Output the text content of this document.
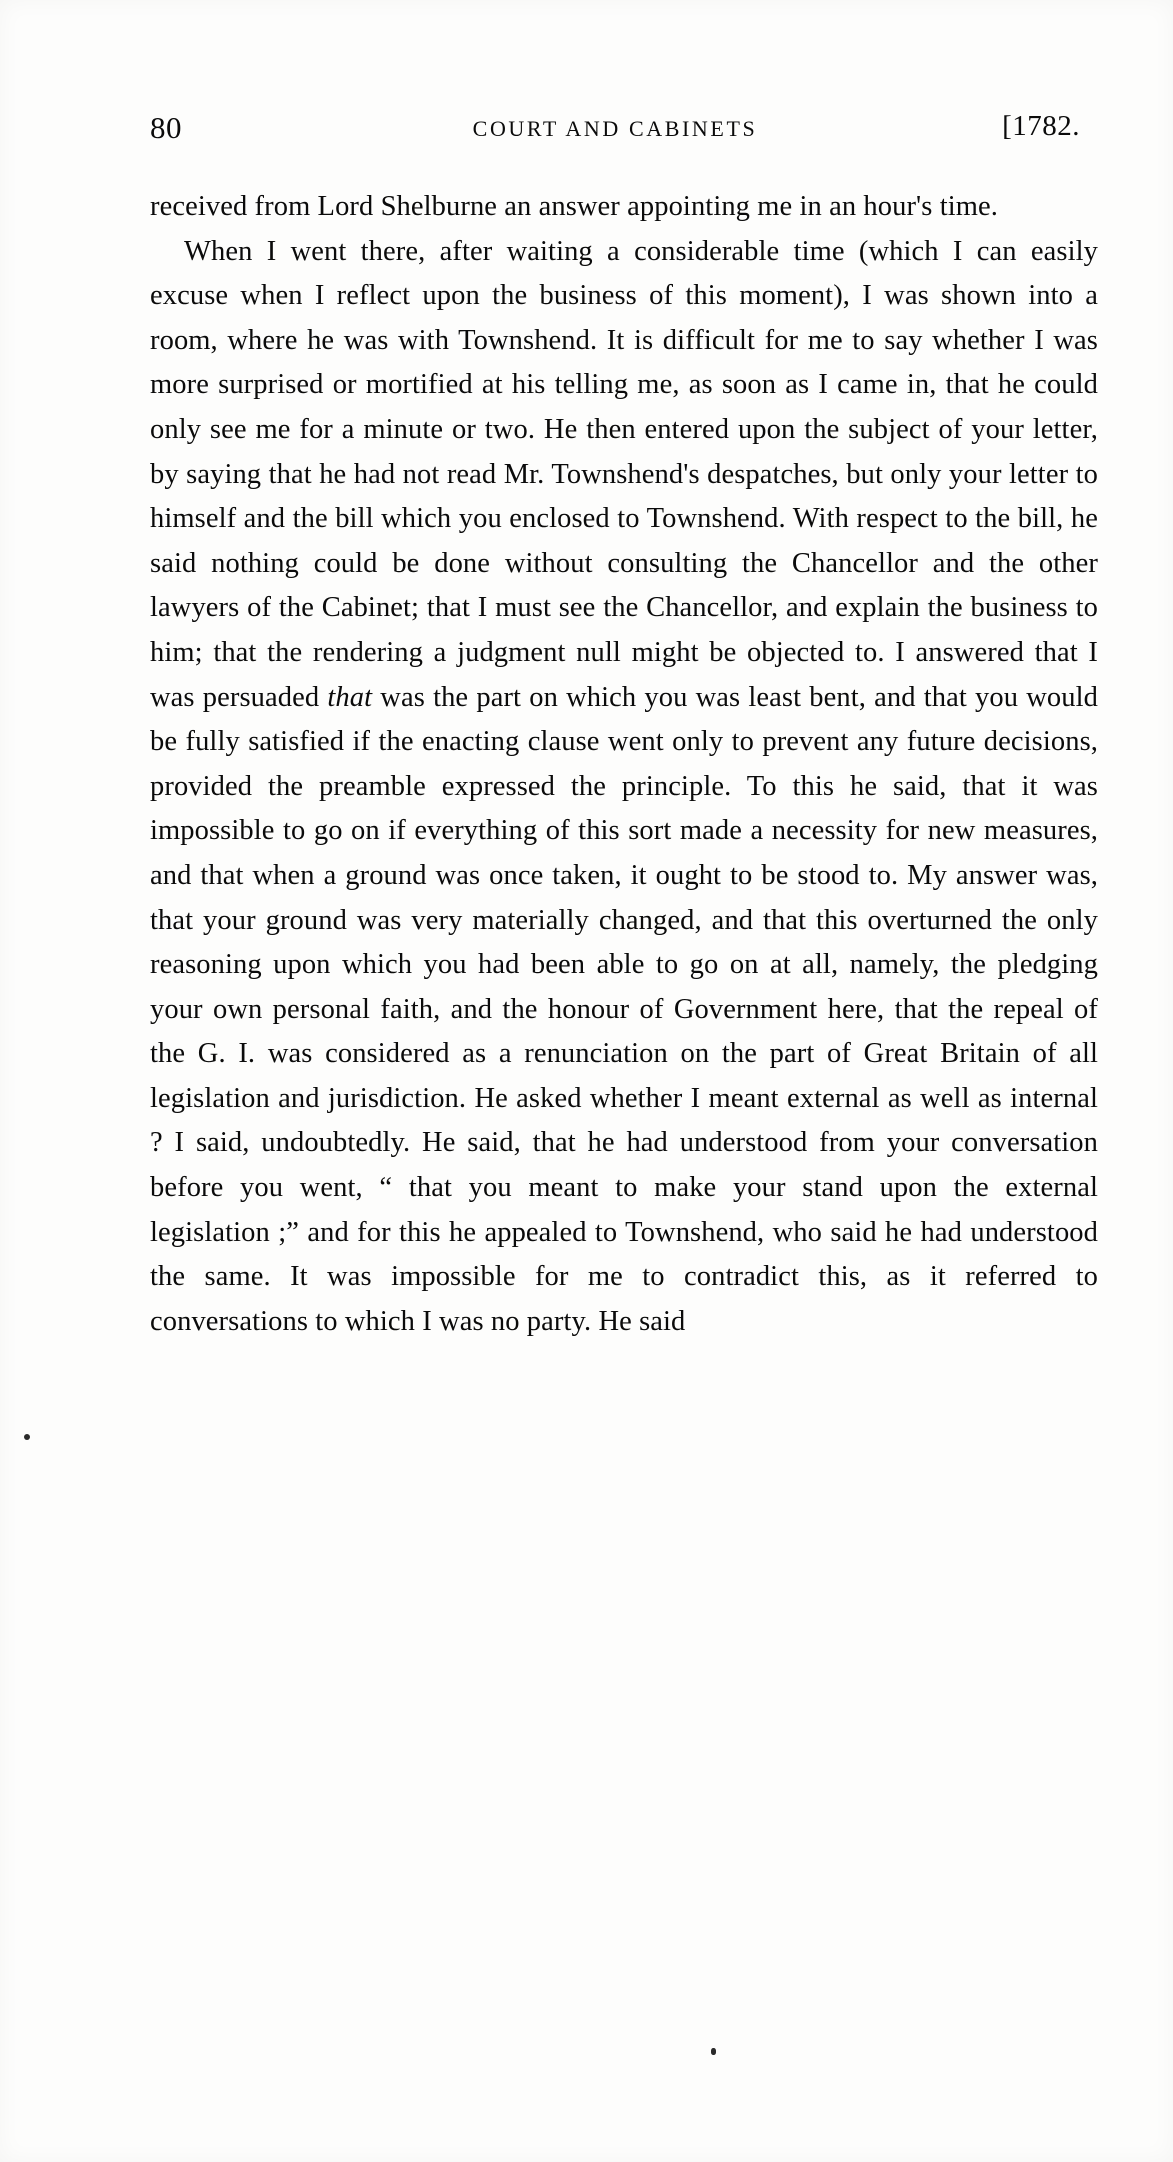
80	COURT AND CABINETS	[1782.

received from Lord Shelburne an answer appointing me in an hour's time.

When I went there, after waiting a considerable time (which I can easily excuse when I reflect upon the business of this moment), I was shown into a room, where he was with Townshend. It is difficult for me to say whether I was more surprised or mortified at his telling me, as soon as I came in, that he could only see me for a minute or two. He then entered upon the subject of your letter, by saying that he had not read Mr. Townshend's despatches, but only your letter to himself and the bill which you enclosed to Townshend. With respect to the bill, he said nothing could be done without consulting the Chancellor and the other lawyers of the Cabinet; that I must see the Chancellor, and explain the business to him; that the rendering a judgment null might be objected to. I answered that I was persuaded that was the part on which you was least bent, and that you would be fully satisfied if the enacting clause went only to prevent any future decisions, provided the preamble expressed the principle. To this he said, that it was impossible to go on if everything of this sort made a necessity for new measures, and that when a ground was once taken, it ought to be stood to. My answer was, that your ground was very materially changed, and that this overturned the only reasoning upon which you had been able to go on at all, namely, the pledging your own personal faith, and the honour of Government here, that the repeal of the G. I. was considered as a renunciation on the part of Great Britain of all legislation and jurisdiction. He asked whether I meant external as well as internal ? I said, undoubtedly. He said, that he had understood from your conversation before you went, “ that you meant to make your stand upon the external legislation ;” and for this he appealed to Townshend, who said he had understood the same. It was impossible for me to contradict this, as it referred to conversations to which I was no party. He said
